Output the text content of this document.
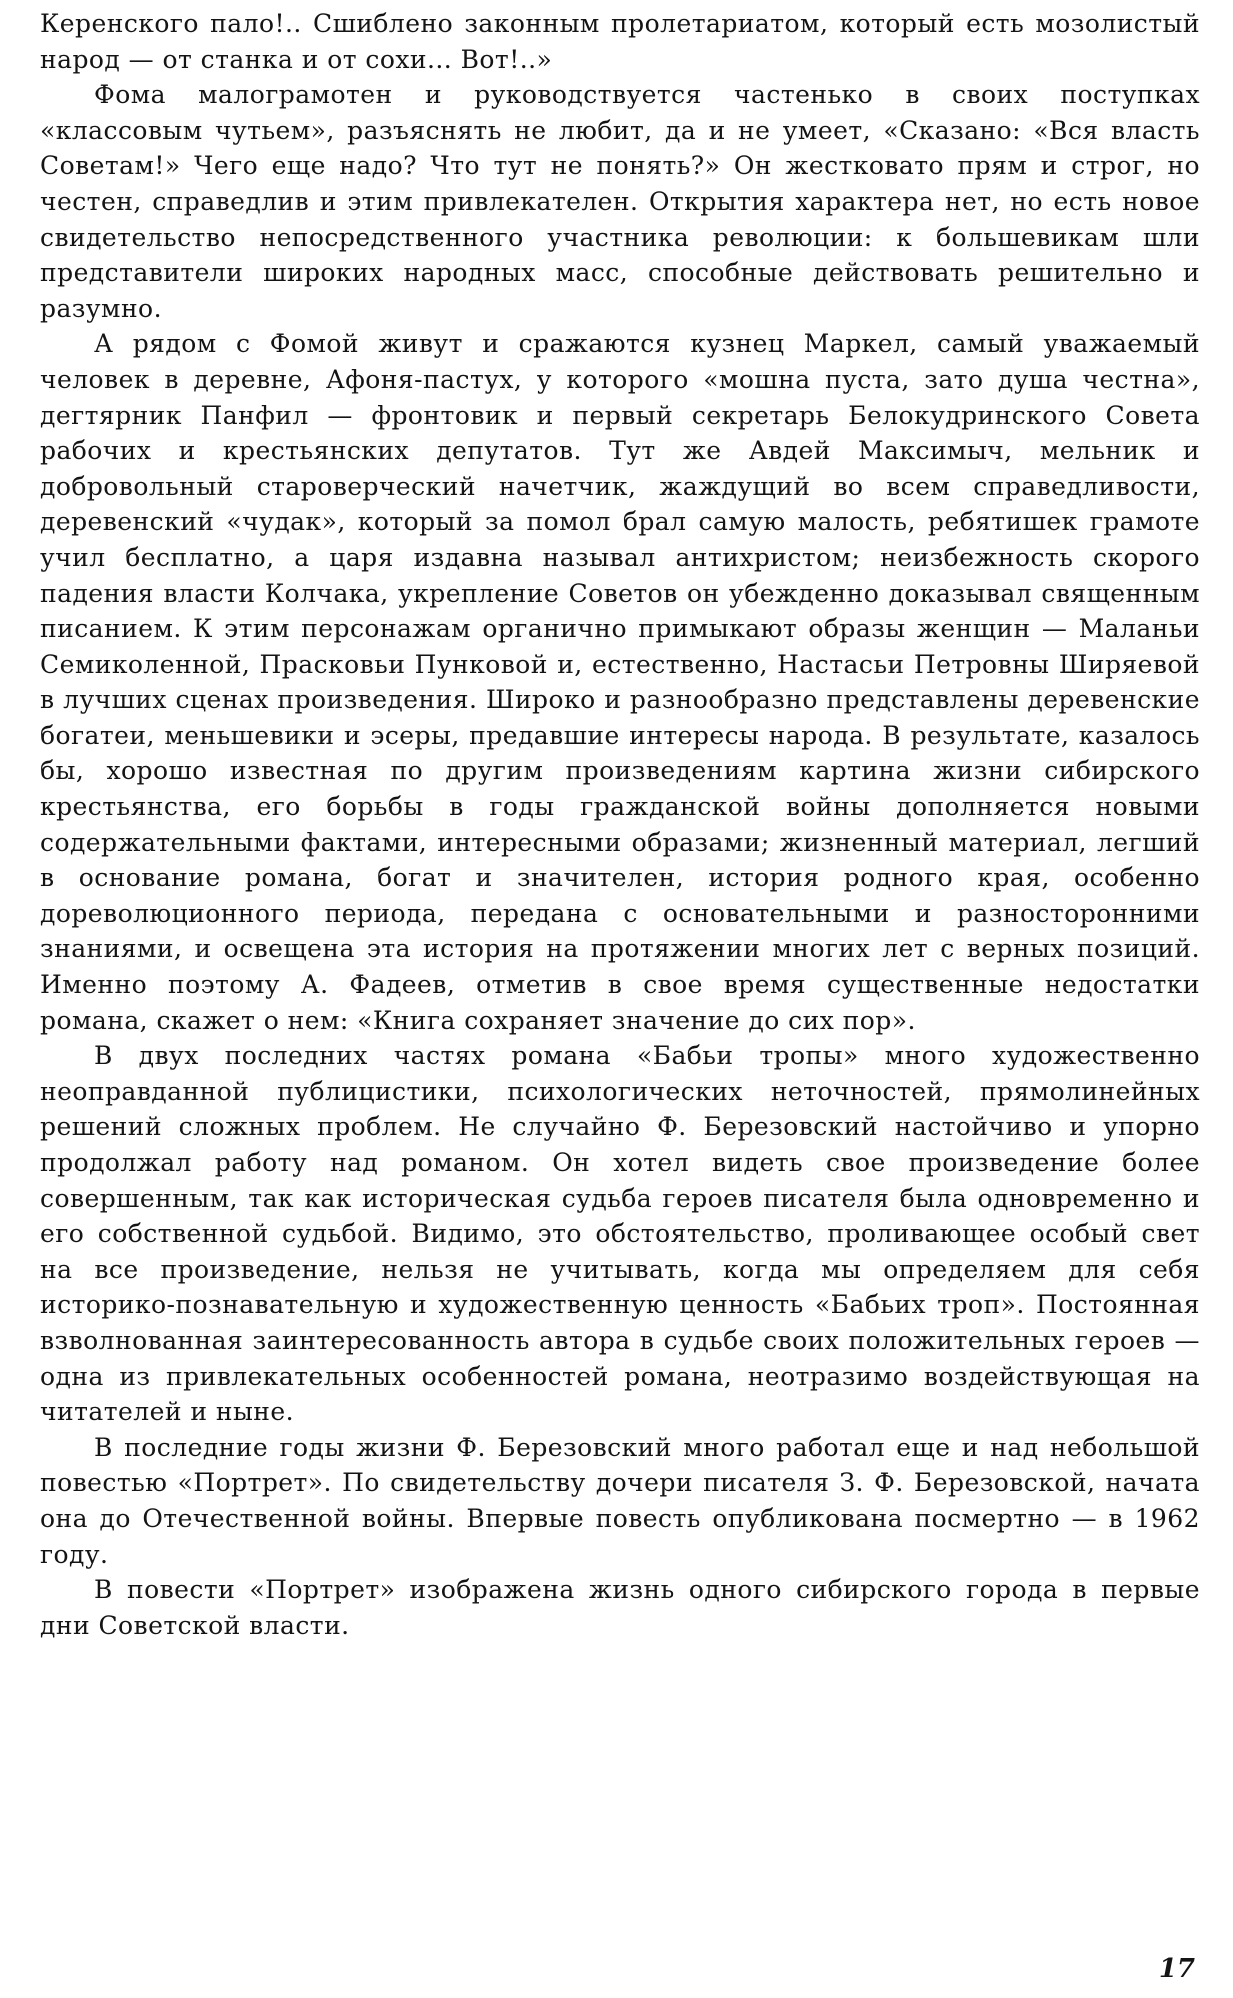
Керенского пало!.. Сшиблено законным пролетариатом, который есть мозолистый народ — от станка и от сохи... Вот!..»

Фома малограмотен и руководствуется частенько в своих поступках «классовым чутьем», разъяснять не любит, да и не умеет, «Сказано: «Вся власть Советам!» Чего еще надо? Что тут не понять?» Он жестковато прям и строг, но честен, справедлив и этим привлекателен. Открытия характера нет, но есть новое свидетельство непосредственного участника революции: к большевикам шли представители широких народных масс, способные действовать решительно и разумно.

А рядом с Фомой живут и сражаются кузнец Маркел, самый уважаемый человек в деревне, Афоня-пастух, у которого «мошна пуста, зато душа честна», дегтярник Панфил — фронтовик и первый секретарь Белокудринского Совета рабочих и крестьянских депутатов. Тут же Авдей Максимыч, мельник и добровольный староверческий начетчик, жаждущий во всем справедливости, деревенский «чудак», который за помол брал самую малость, ребятишек грамоте учил бесплатно, а царя издавна называл антихристом; неизбежность скорого падения власти Колчака, укрепление Советов он убежденно доказывал священным писанием. К этим персонажам органично примыкают образы женщин — Маланьи Семиколенной, Прасковьи Пунковой и, естественно, Настасьи Петровны Ширяевой в лучших сценах произведения. Широко и разнообразно представлены деревенские богатеи, меньшевики и эсеры, предавшие интересы народа. В результате, казалось бы, хорошо известная по другим произведениям картина жизни сибирского крестьянства, его борьбы в годы гражданской войны дополняется новыми содержательными фактами, интересными образами; жизненный материал, легший в основание романа, богат и значителен, история родного края, особенно дореволюционного периода, передана с основательными и разносторонними знаниями, и освещена эта история на протяжении многих лет с верных позиций. Именно поэтому А. Фадеев, отметив в свое время существенные недостатки романа, скажет о нем: «Книга сохраняет значение до сих пор».

В двух последних частях романа «Бабьи тропы» много художественно неоправданной публицистики, психологических неточностей, прямолинейных решений сложных проблем. Не случайно Ф. Березовский настойчиво и упорно продолжал работу над романом. Он хотел видеть свое произведение более совершенным, так как историческая судьба героев писателя была одновременно и его собственной судьбой. Видимо, это обстоятельство, проливающее особый свет на все произведение, нельзя не учитывать, когда мы определяем для себя историко-познавательную и художественную ценность «Бабьих троп». Постоянная взволнованная заинтересованность автора в судьбе своих положительных героев — одна из привлекательных особенностей романа, неотразимо воздействующая на читателей и ныне.

В последние годы жизни Ф. Березовский много работал еще и над небольшой повестью «Портрет». По свидетельству дочери писателя З. Ф. Березовской, начата она до Отечественной войны. Впервые повесть опубликована посмертно — в 1962 году.

В повести «Портрет» изображена жизнь одного сибирского города в первые дни Советской власти.

17
